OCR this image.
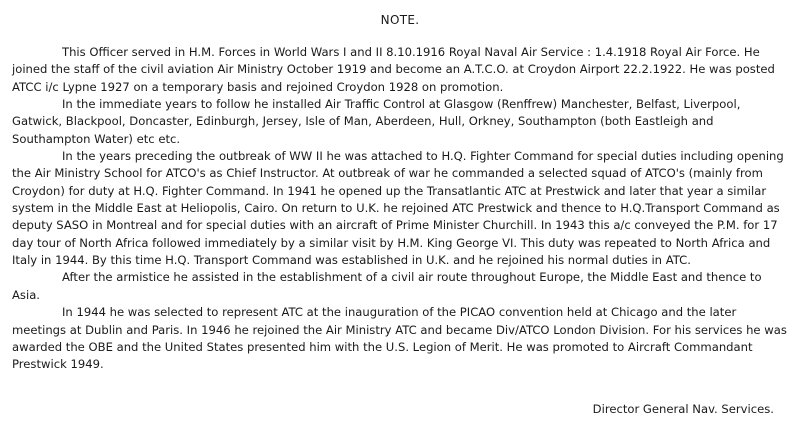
NOTE.

This Officer served in H.M. Forces in World Wars I and II 8.10.1916 Royal Naval Air Service : 1.4.1918 Royal Air Force. He joined the staff of the civil aviation Air Ministry October 1919 and become an A.T.C.O. at Croydon Airport 22.2.1922. He was posted ATCC i/c Lypne 1927 on a temporary basis and rejoined Croydon 1928 on promotion.

In the immediate years to follow he installed Air Traffic Control at Glasgow (Renffrew) Manchester, Belfast, Liverpool, Gatwick, Blackpool, Doncaster, Edinburgh, Jersey, Isle of Man, Aberdeen, Hull, Orkney, Southampton (both Eastleigh and Southampton Water) etc etc.

In the years preceding the outbreak of WW II he was attached to H.Q. Fighter Command for special duties including opening the Air Ministry School for ATCO's as Chief Instructor. At outbreak of war he commanded a selected squad of ATCO's (mainly from Croydon) for duty at H.Q. Fighter Command. In 1941 he opened up the Transatlantic ATC at Prestwick and later that year a similar system in the Middle East at Heliopolis, Cairo. On return to U.K. he rejoined ATC Prestwick and thence to H.Q.Transport Command as deputy SASO in Montreal and for special duties with an aircraft of Prime Minister Churchill. In 1943 this a/c conveyed the P.M. for 17 day tour of North Africa followed immediately by a similar visit by H.M. King George VI. This duty was repeated to North Africa and Italy in 1944. By this time H.Q. Transport Command was established in U.K. and he rejoined his normal duties in ATC.

After the armistice he assisted in the establishment of a civil air route throughout Europe, the Middle East and thence to Asia.

In 1944 he was selected to represent ATC at the inauguration of the PICAO convention held at Chicago and the later meetings at Dublin and Paris. In 1946 he rejoined the Air Ministry ATC and became Div/ATCO London Division. For his services he was awarded the OBE and the United States presented him with the U.S. Legion of Merit. He was promoted to Aircraft Commandant Prestwick 1949.

Director General Nav. Services.
